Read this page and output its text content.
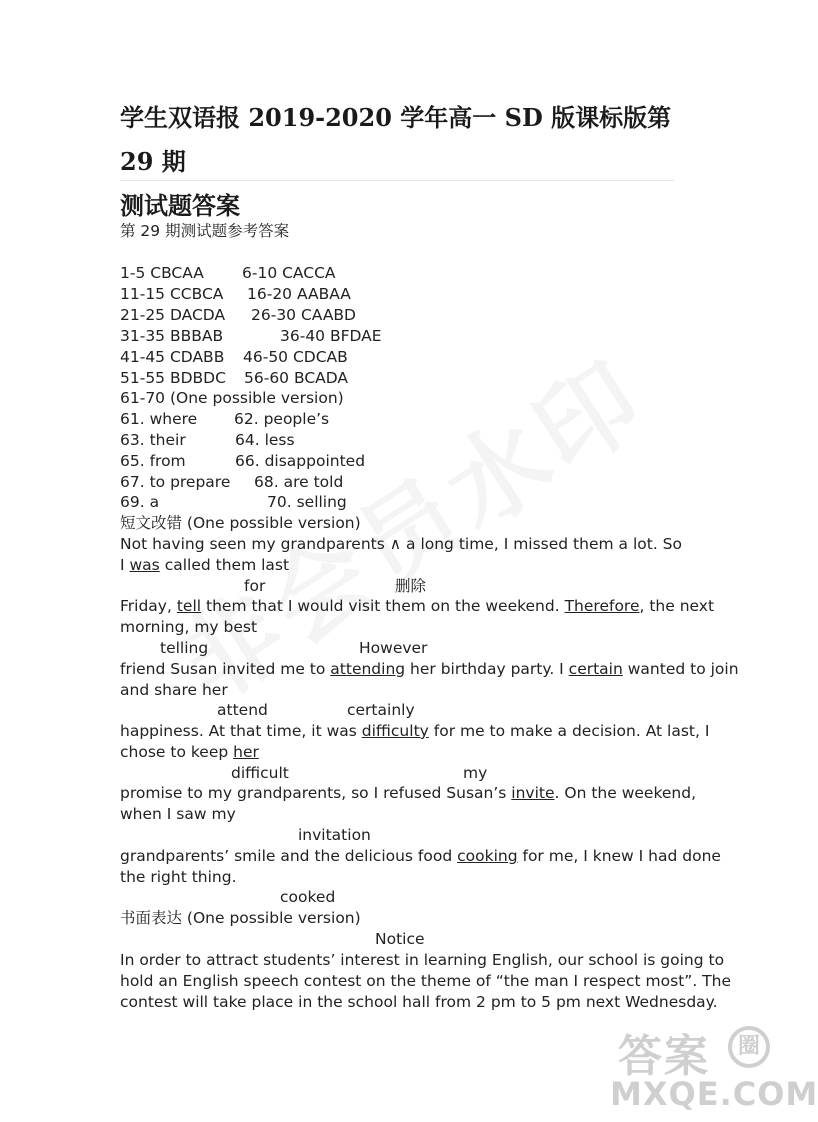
学生双语报 2019-2020 学年高一 SD 版课标版第 29 期
测试题答案
第 29 期测试题参考答案
1-5 CBCAA 6-10 CACCA
11-15 CCBCA 16-20 AABAA
21-25 DACDA 26-30 CAABD
31-35 BBBAB	36-40 BFDAE
41-45 CDABB 46-50 CDCAB
51-55 BDBDC 56-60 BCADA
61-70 (One possible version)
61. where 62. people’s
63. their	64. less
65. from	66. disappointed
67. to prepare 68. are told
69. a	70. selling
短文改错 (One possible version)
Not having seen my grandparents ∧ a long time, I missed them a lot. So
I was called them last
for	删除

Friday, tell them that I would visit them on the weekend. Therefore, the next
morning, my best
telling	However

friend Susan invited me to attending her birthday party. I certain wanted to join
and share her
attend	certainly

happiness. At that time, it was difficulty for me to make a decision. At last, I
chose to keep her
difficult	my

promise to my grandparents, so I refused Susan’s invite. On the weekend,
when I saw my
invitation

grandparents’ smile and the delicious food cooking for me, I knew I had done
the right thing.
cooked

书面表达 (One possible version)
Notice

In order to attract students’ interest in learning English, our school is going to
hold an English speech contest on the theme of “the man I respect most”. The
contest will take place in the school hall from 2 pm to 5 pm next Wednesday.
答案	圈
MXQE.COM
